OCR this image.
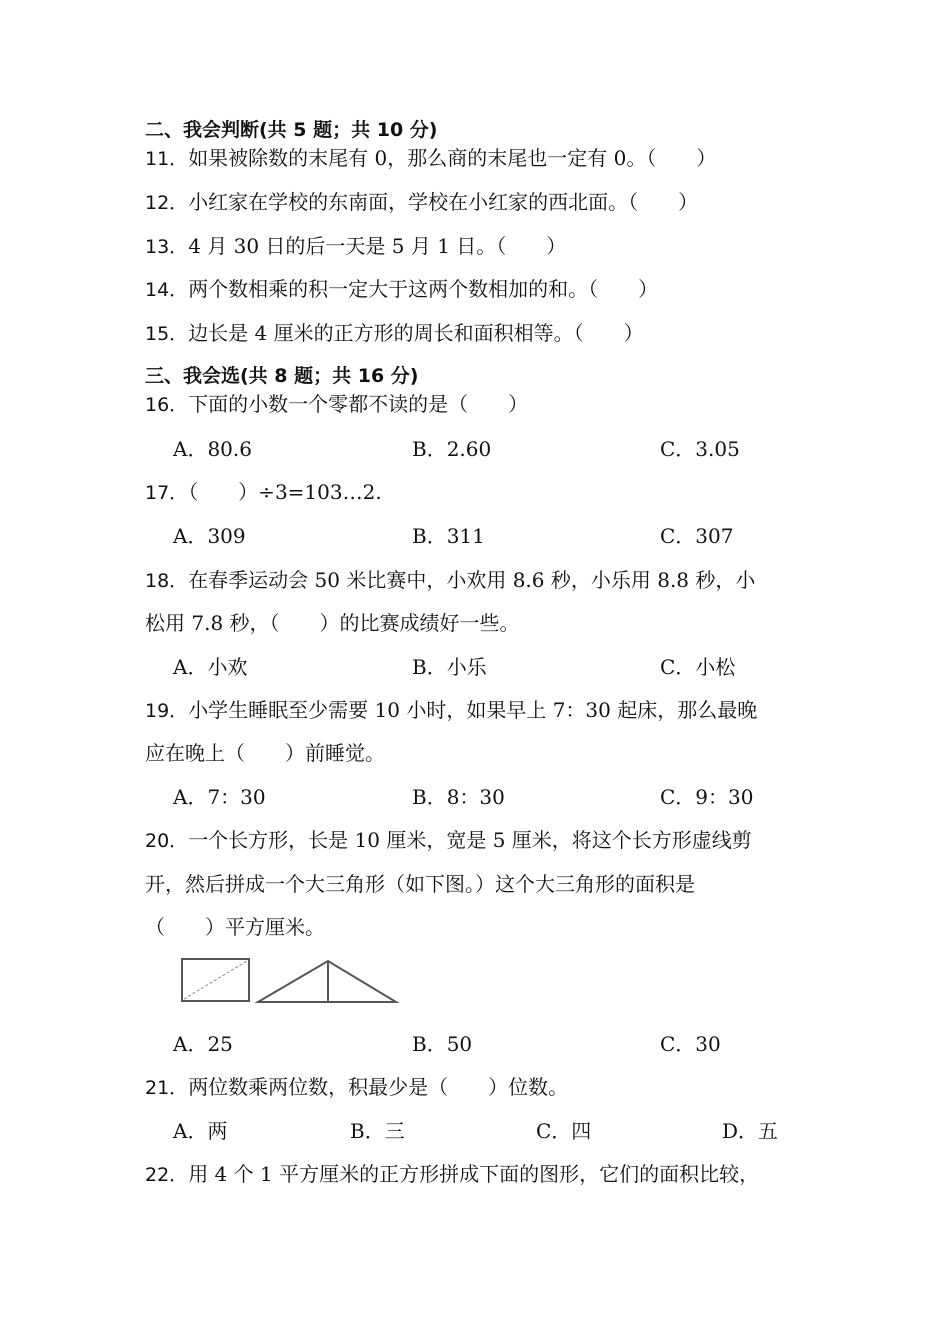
二、我会判断(共 5 题；共 10 分)
11．如果被除数的末尾有 0，那么商的末尾也一定有 0。（　　）
12．小红家在学校的东南面，学校在小红家的西北面。（　　）
13．4 月 30 日的后一天是 5 月 1 日。（　　）
14．两个数相乘的积一定大于这两个数相加的和。（　　）
15．边长是 4 厘米的正方形的周长和面积相等。（　　）
三、我会选(共 8 题；共 16 分)
16．下面的小数一个零都不读的是（　　）
A．80.6	B．2.60	C．3.05
17．（　　）÷3=103…2.
A．309	B．311	C．307
18．在春季运动会 50 米比赛中，小欢用 8.6 秒，小乐用 8.8 秒，小
松用 7.8 秒，（　　）的比赛成绩好一些。
A．小欢	B．小乐	C．小松
19．小学生睡眠至少需要 10 小时，如果早上 7：30 起床，那么最晚
应在晚上（　　）前睡觉。
A．7：30	B．8：30	C．9：30
20．一个长方形，长是 10 厘米，宽是 5 厘米，将这个长方形虚线剪
开，然后拼成一个大三角形（如下图。）这个大三角形的面积是
（　　）平方厘米。
A．25	B．50	C．30
21．两位数乘两位数，积最少是（　　）位数。
A．两	B．三	C．四	D．五
22．用 4 个 1 平方厘米的正方形拼成下面的图形，它们的面积比较，
